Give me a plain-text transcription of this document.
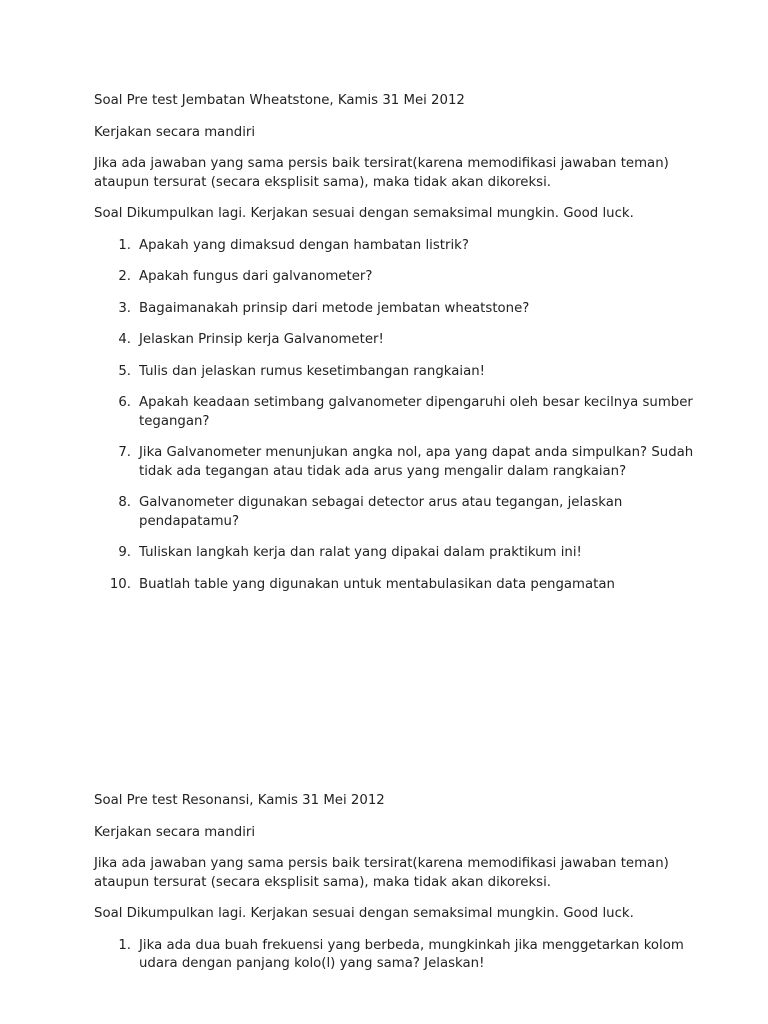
Soal Pre test Jembatan Wheatstone, Kamis 31 Mei 2012

Kerjakan secara mandiri

Jika ada jawaban yang sama persis baik tersirat(karena memodifikasi jawaban teman) ataupun tersurat (secara eksplisit sama), maka tidak akan dikoreksi.

Soal Dikumpulkan lagi. Kerjakan sesuai dengan semaksimal mungkin. Good luck.

1. Apakah yang dimaksud dengan hambatan listrik?
2. Apakah fungus dari galvanometer?
3. Bagaimanakah prinsip dari metode jembatan wheatstone?
4. Jelaskan Prinsip kerja Galvanometer!
5. Tulis dan jelaskan rumus kesetimbangan rangkaian!
6. Apakah keadaan setimbang galvanometer dipengaruhi oleh besar kecilnya sumber tegangan?
7. Jika Galvanometer menunjukan angka nol, apa yang dapat anda simpulkan? Sudah tidak ada tegangan atau tidak ada arus yang mengalir dalam rangkaian?
8. Galvanometer digunakan sebagai detector arus atau tegangan, jelaskan pendapatamu?
9. Tuliskan langkah kerja dan ralat yang dipakai dalam praktikum ini!
10. Buatlah table yang digunakan untuk mentabulasikan data pengamatan

Soal Pre test Resonansi, Kamis 31 Mei 2012

Kerjakan secara mandiri

Jika ada jawaban yang sama persis baik tersirat(karena memodifikasi jawaban teman) ataupun tersurat (secara eksplisit sama), maka tidak akan dikoreksi.

Soal Dikumpulkan lagi. Kerjakan sesuai dengan semaksimal mungkin. Good luck.

1. Jika ada dua buah frekuensi yang berbeda, mungkinkah jika menggetarkan kolom udara dengan panjang kolo(l) yang sama? Jelaskan!
